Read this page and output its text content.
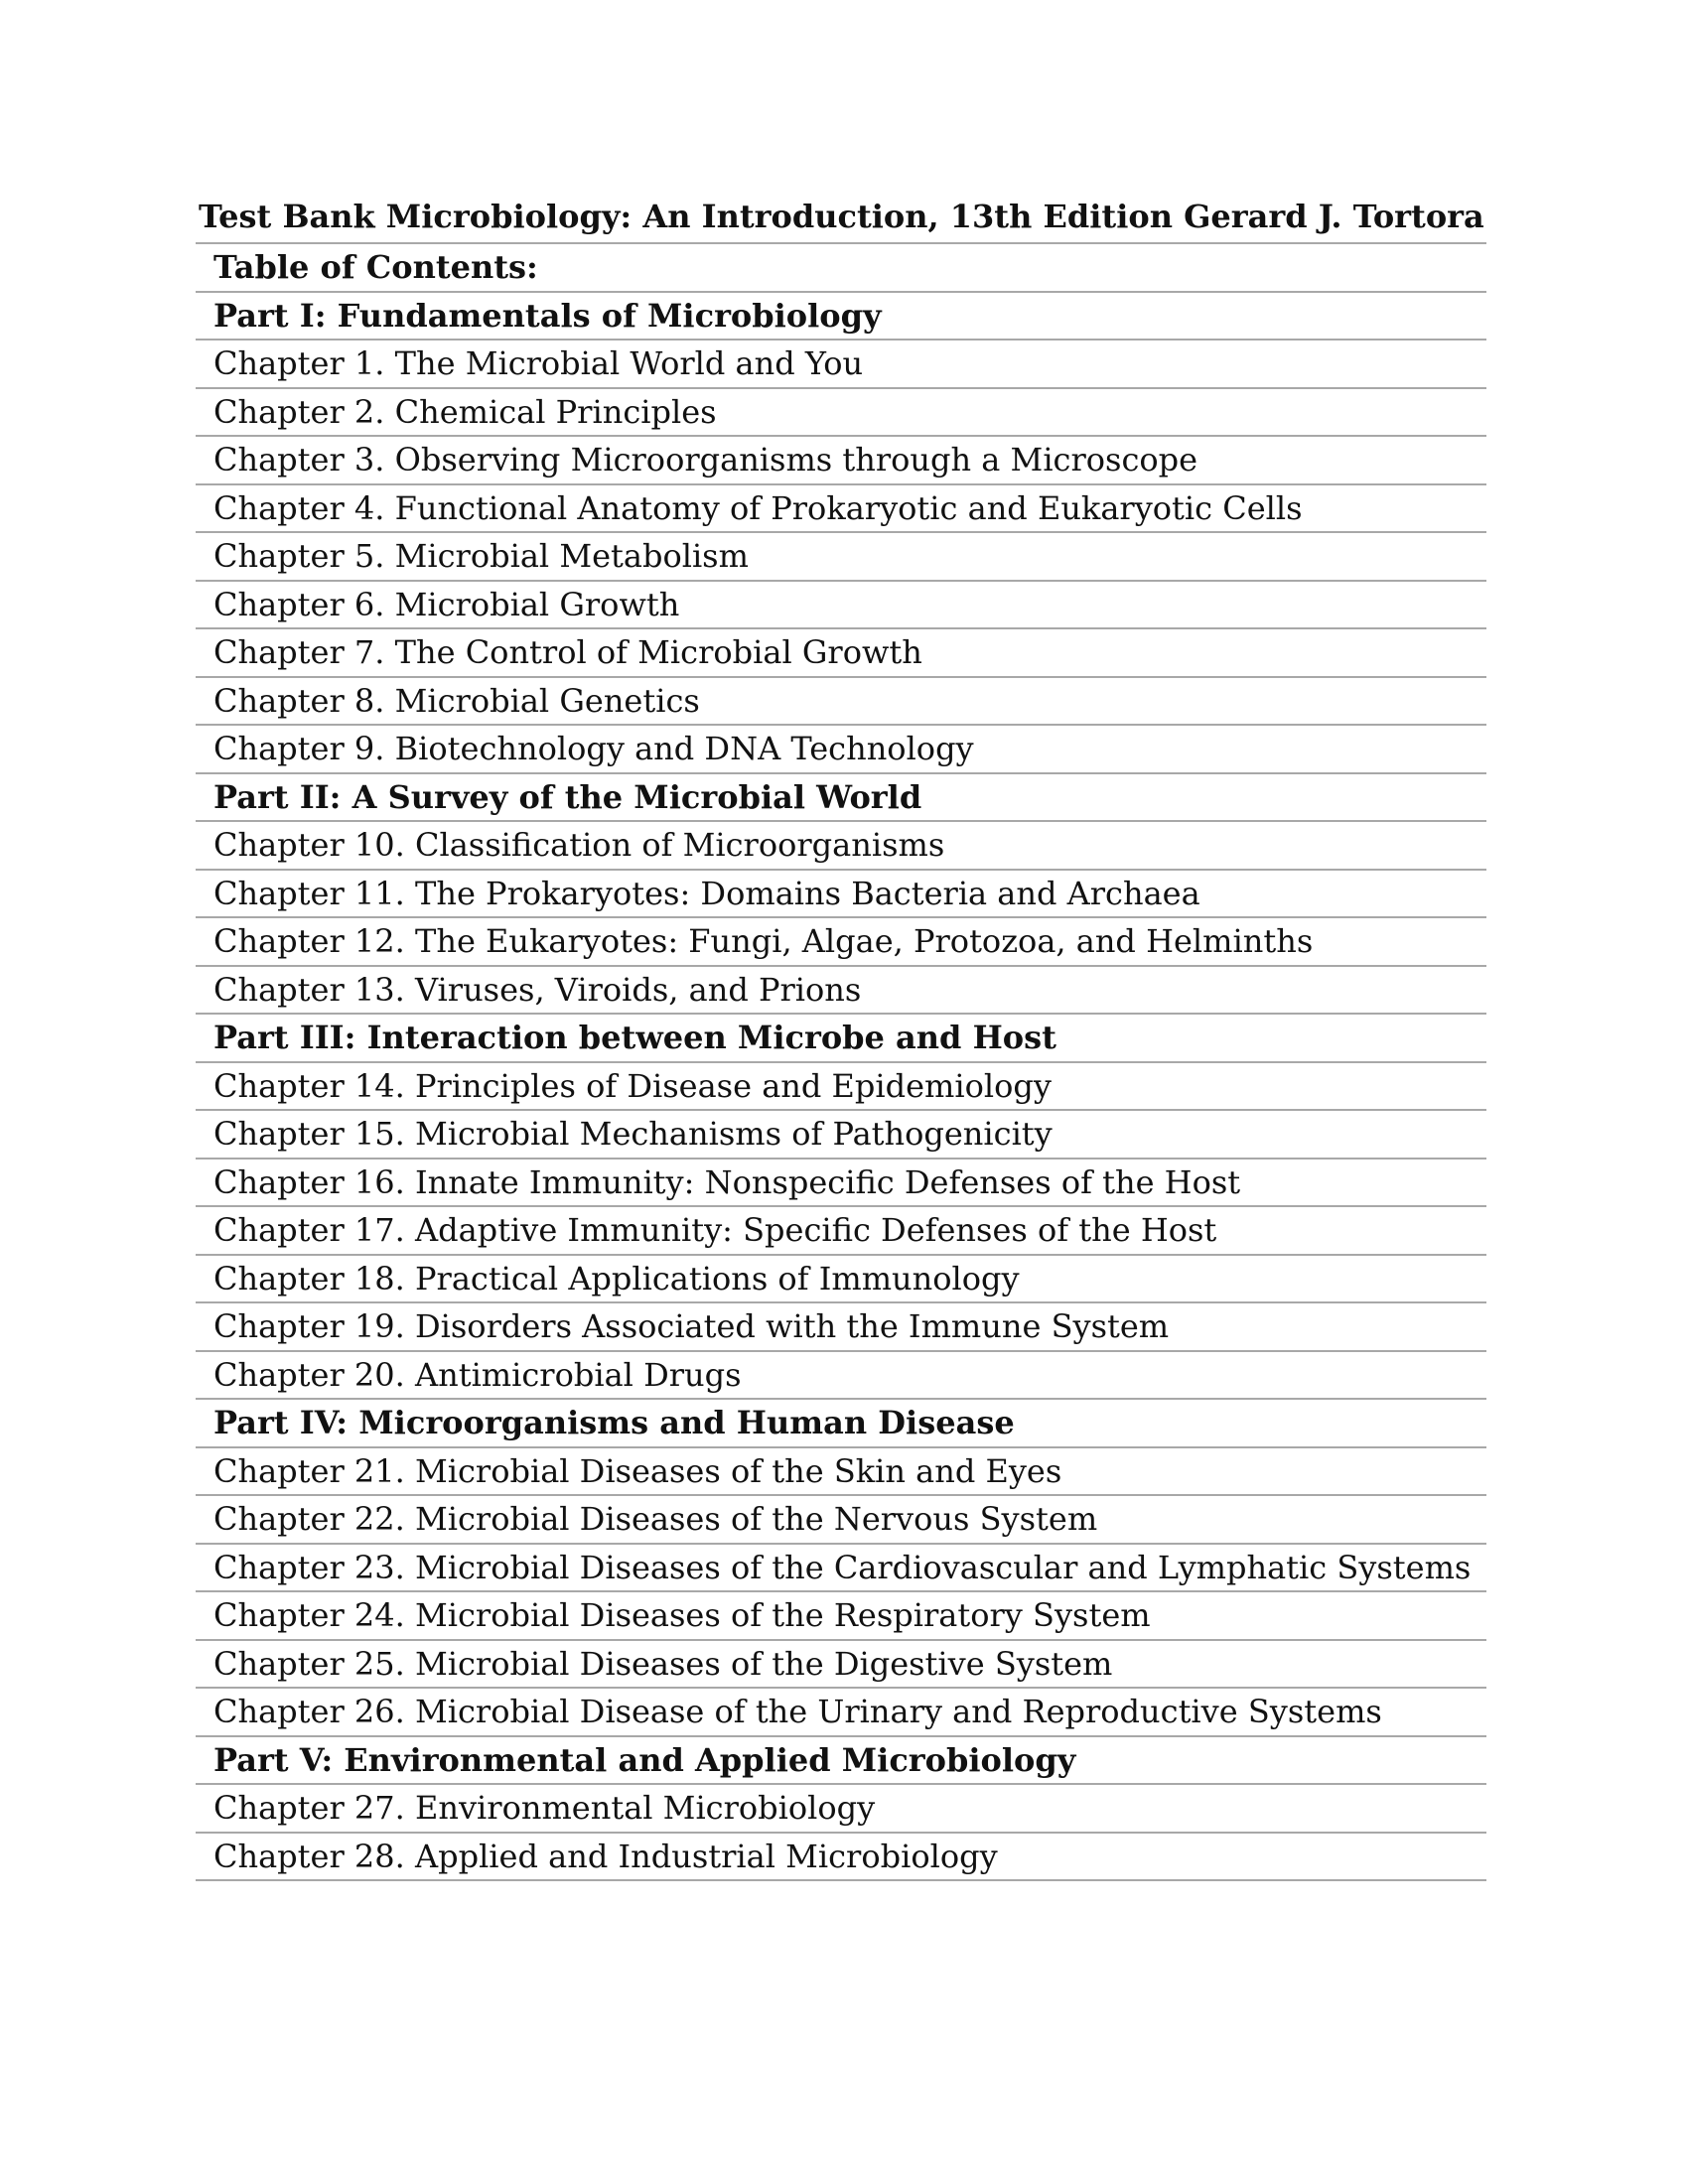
Test Bank Microbiology: An Introduction, 13th Edition Gerard J. Tortora
Table of Contents:
Part I: Fundamentals of Microbiology
Chapter 1. The Microbial World and You
Chapter 2. Chemical Principles
Chapter 3. Observing Microorganisms through a Microscope
Chapter 4. Functional Anatomy of Prokaryotic and Eukaryotic Cells
Chapter 5. Microbial Metabolism
Chapter 6. Microbial Growth
Chapter 7. The Control of Microbial Growth
Chapter 8. Microbial Genetics
Chapter 9. Biotechnology and DNA Technology
Part II: A Survey of the Microbial World
Chapter 10. Classification of Microorganisms
Chapter 11. The Prokaryotes: Domains Bacteria and Archaea
Chapter 12. The Eukaryotes: Fungi, Algae, Protozoa, and Helminths
Chapter 13. Viruses, Viroids, and Prions
Part III: Interaction between Microbe and Host
Chapter 14. Principles of Disease and Epidemiology
Chapter 15. Microbial Mechanisms of Pathogenicity
Chapter 16. Innate Immunity: Nonspecific Defenses of the Host
Chapter 17. Adaptive Immunity: Specific Defenses of the Host
Chapter 18. Practical Applications of Immunology
Chapter 19. Disorders Associated with the Immune System
Chapter 20. Antimicrobial Drugs
Part IV: Microorganisms and Human Disease
Chapter 21. Microbial Diseases of the Skin and Eyes
Chapter 22. Microbial Diseases of the Nervous System
Chapter 23. Microbial Diseases of the Cardiovascular and Lymphatic Systems
Chapter 24. Microbial Diseases of the Respiratory System
Chapter 25. Microbial Diseases of the Digestive System
Chapter 26. Microbial Disease of the Urinary and Reproductive Systems
Part V: Environmental and Applied Microbiology
Chapter 27. Environmental Microbiology
Chapter 28. Applied and Industrial Microbiology
